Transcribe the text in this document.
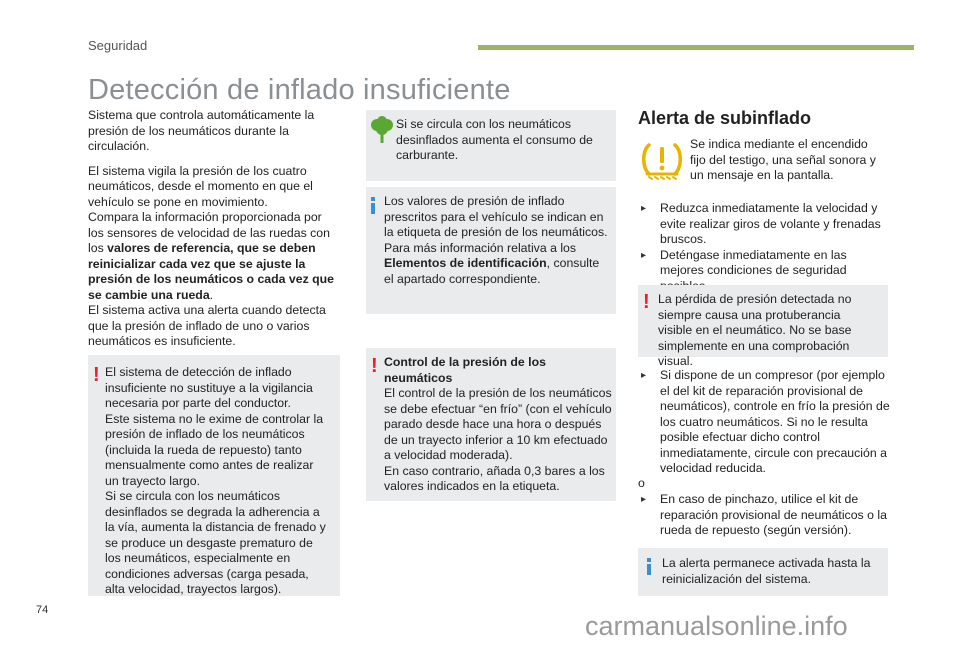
Seguridad
Detección de inflado insuficiente

Sistema que controla automáticamente la presión de los neumáticos durante la circulación.

El sistema vigila la presión de los cuatro neumáticos, desde el momento en que el vehículo se pone en movimiento.
Compara la información proporcionada por los sensores de velocidad de las ruedas con los valores de referencia, que se deben reinicializar cada vez que se ajuste la presión de los neumáticos o cada vez que se cambie una rueda.
El sistema activa una alerta cuando detecta que la presión de inflado de uno o varios neumáticos es insuficiente.

! El sistema de detección de inflado insuficiente no sustituye a la vigilancia necesaria por parte del conductor.
Este sistema no le exime de controlar la presión de inflado de los neumáticos (incluida la rueda de repuesto) tanto mensualmente como antes de realizar un trayecto largo.
Si se circula con los neumáticos desinflados se degrada la adherencia a la vía, aumenta la distancia de frenado y se produce un desgaste prematuro de los neumáticos, especialmente en condiciones adversas (carga pesada, alta velocidad, trayectos largos).
Si se circula con los neumáticos desinflados aumenta el consumo de carburante.
Los valores de presión de inflado prescritos para el vehículo se indican en la etiqueta de presión de los neumáticos.
Para más información relativa a los Elementos de identificación, consulte el apartado correspondiente.
! Control de la presión de los neumáticos
El control de la presión de los neumáticos se debe efectuar “en frío” (con el vehículo parado desde hace una hora o después de un trayecto inferior a 10 km efectuado a velocidad moderada).
En caso contrario, añada 0,3 bares a los valores indicados en la etiqueta.
Alerta de subinflado
Se indica mediante el encendido fijo del testigo, una señal sonora y un mensaje en la pantalla.
▸ Reduzca inmediatamente la velocidad y evite realizar giros de volante y frenadas bruscos.
▸ Deténgase inmediatamente en las mejores condiciones de seguridad
! La pérdida de presión detectada no siempre causa una protuberancia visible en el neumático. No se base simplemente en una comprobación visual.
▸ Si dispone de un compresor (por ejemplo el del kit de reparación provisional de neumáticos), controle en frío la presión de los cuatro neumáticos. Si no le resulta posible efectuar dicho control inmediatamente, circule con precaución a velocidad reducida.
o
▸ En caso de pinchazo, utilice el kit de reparación provisional de neumáticos o la rueda de repuesto (según versión).
La alerta permanece activada hasta la reinicialización del sistema.
74
carmanualsonline.info
